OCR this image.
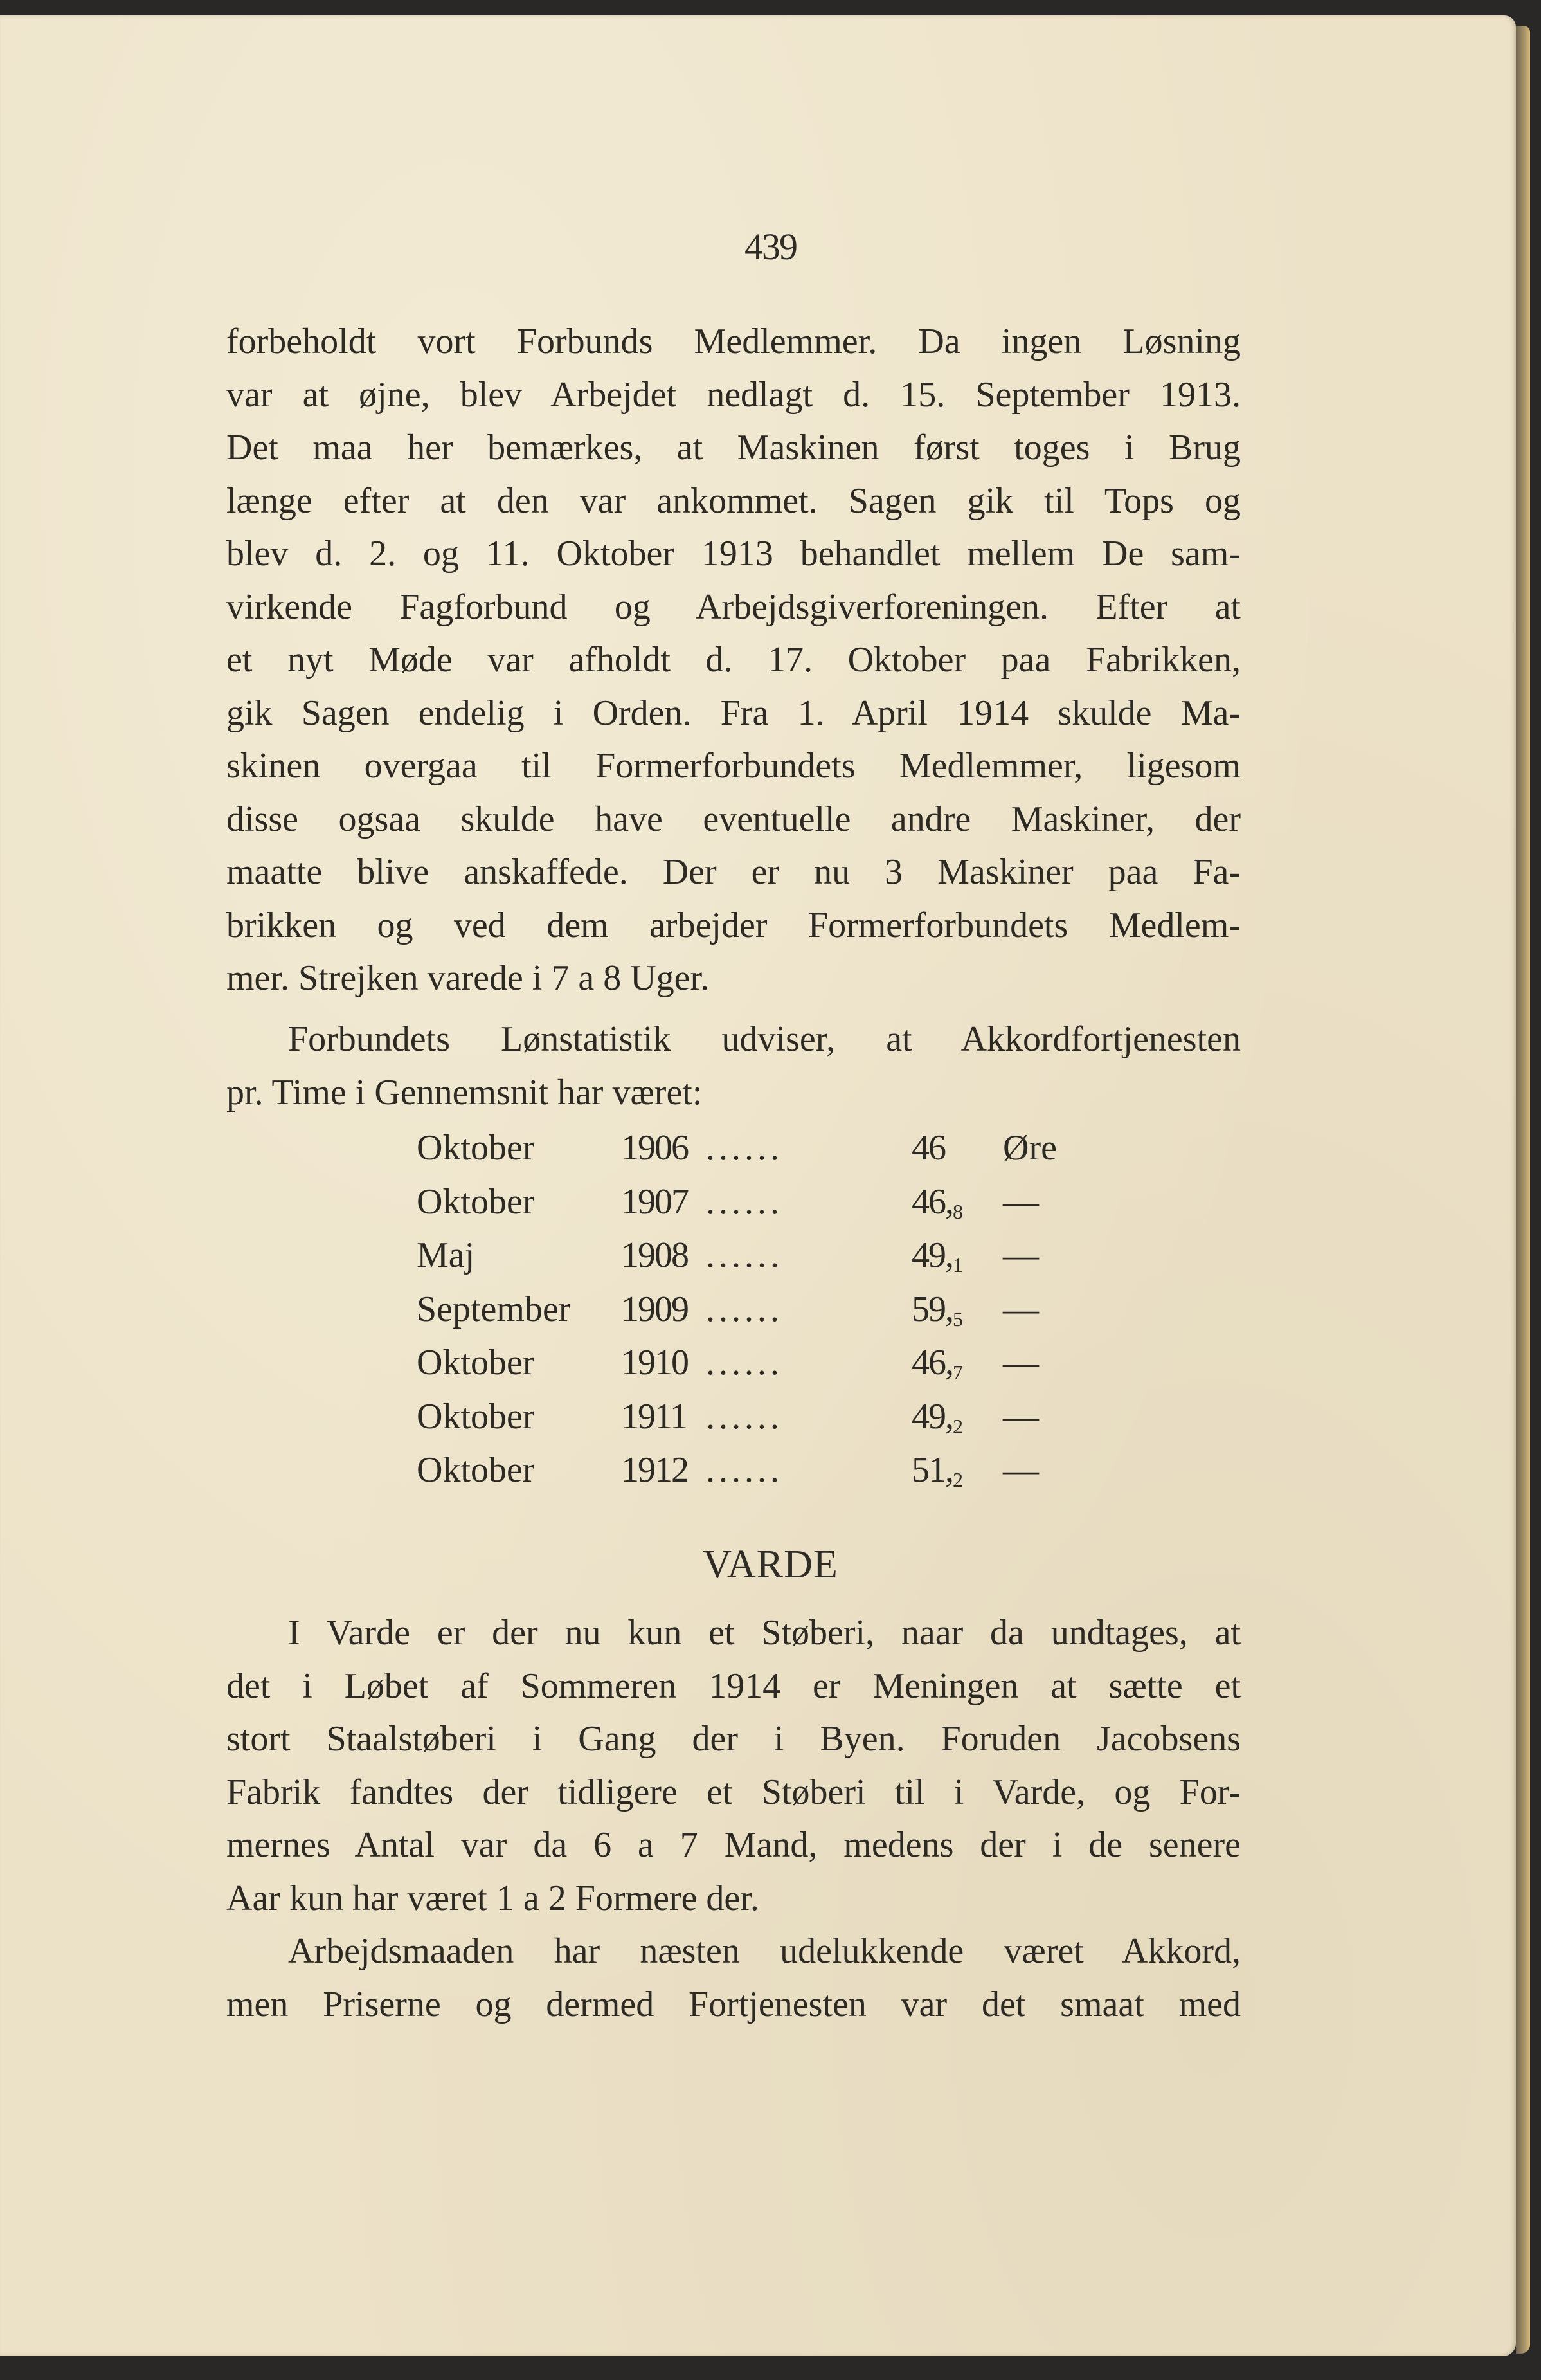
439
forbeholdt vort Forbunds Medlemmer. Da ingen Løsning
var at øjne, blev Arbejdet nedlagt d. 15. September 1913.
Det maa her bemærkes, at Maskinen først toges i Brug
længe efter at den var ankommet. Sagen gik til Tops og
blev d. 2. og 11. Oktober 1913 behandlet mellem De sam-
virkende Fagforbund og Arbejdsgiverforeningen. Efter at
et nyt Møde var afholdt d. 17. Oktober paa Fabrikken,
gik Sagen endelig i Orden. Fra 1. April 1914 skulde Ma-
skinen overgaa til Formerforbundets Medlemmer, ligesom
disse ogsaa skulde have eventuelle andre Maskiner, der
maatte blive anskaffede. Der er nu 3 Maskiner paa Fa-
brikken og ved dem arbejder Formerforbundets Medlem-
mer. Strejken varede i 7 a 8 Uger.
Forbundets Lønstatistik udviser, at Akkordfortjenesten
pr. Time i Gennemsnit har været:
Oktober 1906 ......	46 Øre
Oktober 1907 ......	$46,_8$ —
Maj	1908 ......	$49,_1$ —
September 1909 ......	$59,_5$ —
Oktober 1910 ......	$46,_7$ —
Oktober 1911 ......	$49,_2$ —
Oktober 1912 ......	$51,_2$ —
VARDE
I Varde er der nu kun et Støberi, naar da undtages, at
det i Løbet af Sommeren 1914 er Meningen at sætte et
stort Staalstøberi i Gang der i Byen. Foruden Jacobsens
Fabrik fandtes der tidligere et Støberi til i Varde, og For-
mernes Antal var da 6 a 7 Mand, medens der i de senere
Aar kun har været 1 a 2 Formere der.
Arbejdsmaaden har næsten udelukkende været Akkord,
men Priserne og dermed Fortjenesten var det smaat med
